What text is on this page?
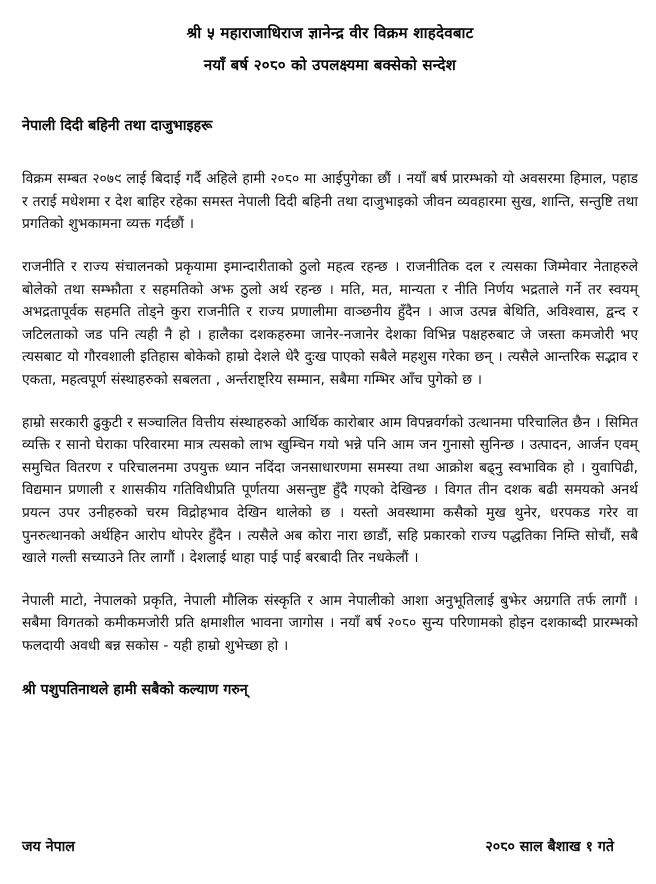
श्री ५ महाराजाधिराज ज्ञानेन्द्र वीर विक्रम शाहदेवबाट
नयाँ बर्ष २०८० को उपलक्ष्यमा बक्सेको सन्देश
नेपाली दिदी बहिनी तथा दाजुभाइहरू

विक्रम सम्बत २०७९ लाई बिदाई गर्दै अहिले हामी २०८० मा आईपुगेका छौं । नयाँ बर्ष प्रारम्भको यो अवसरमा हिमाल, पहाड र तराई मधेशमा र देश बाहिर रहेका समस्त नेपाली दिदी बहिनी तथा दाजुभाइको जीवन व्यवहारमा सुख, शान्ति, सन्तुष्टि तथा प्रगतिको शुभकामना व्यक्त गर्दछौं ।

राजनीति र राज्य संचालनको प्रकृयामा इमान्दारीताको ठुलो महत्व रहन्छ । राजनीतिक दल र त्यसका जिम्मेवार नेताहरुले बोलेको तथा सम्झौता र सहमतिको अझ ठुलो अर्थ रहन्छ । मति, मत, मान्यता र नीति निर्णय भद्रताले गर्ने तर स्वयम् अभद्रतापूर्वक सहमति तोड्ने कुरा राजनीति र राज्य प्रणालीमा वाञ्छनीय हुँदैन । आज उत्पन्न बेथिति, अविश्वास, द्वन्द र जटिलताको जड पनि त्यही नै हो । हालैका दशकहरुमा जानेर-नजानेर देशका विभिन्न पक्षहरुबाट जे जस्ता कमजोरी भए त्यसबाट यो गौरवशाली इतिहास बोकेको हाम्रो देशले धेरै दुःख पाएको सबैले महशुस गरेका छन् । त्यसैले आन्तरिक सद्भाव र एकता, महत्वपूर्ण संस्थाहरुको सबलता , अर्न्तराष्ट्रिय सम्मान, सबैमा गम्भिर आँच पुगेको छ ।

हाम्रो सरकारी ढुकुटी र सञ्चालित वित्तीय संस्थाहरुको आर्थिक कारोबार आम विपन्नवर्गको उत्थानमा परिचालित छैन । सिमित व्यक्ति र सानो घेराका परिवारमा मात्र त्यसको लाभ खुम्चिन गयो भन्ने पनि आम जन गुनासो सुनिन्छ । उत्पादन, आर्जन एवम् समुचित वितरण र परिचालनमा उपयुक्त ध्यान नदिंदा जनसाधारणमा समस्या तथा आक्रोश बढ्नु स्वभाविक हो । युवापिढी, विद्यमान प्रणाली र शासकीय गतिविधीप्रति पूर्णतया असन्तुष्ट हुँदै गएको देखिन्छ । विगत तीन दशक बढी समयको अनर्थ प्रयत्न उपर उनीहरुको चरम विद्रोहभाव देखिन थालेको छ । यस्तो अवस्थामा कसैको मुख थुनेर, धरपकड गरेर वा पुनरुत्थानको अर्थहिन आरोप थोपरेर हुँदैन । त्यसैले अब कोरा नारा छाडौं, सहि प्रकारको राज्य पद्धतिका निम्ति सोचौं, सबै खाले गल्ती सच्याउने तिर लागौं । देशलाई थाहा पाई पाई बरबादी तिर नधकेलौं ।

नेपाली माटो, नेपालको प्रकृति, नेपाली मौलिक संस्कृति र आम नेपालीको आशा अनुभूतिलाई बुझेर अग्रगति तर्फ लागौं । सबैमा विगतको कमीकमजोरी प्रति क्षमाशील भावना जागोस । नयाँ बर्ष २०८० सुन्य परिणामको होइन दशकाब्दी प्रारम्भको फलदायी अवधी बन्न सकोस - यही हाम्रो शुभेच्छा हो ।

श्री पशुपतिनाथले हामी सबैको कल्याण गरुन्
जय नेपाल	२०८० साल बैशाख १ गते
